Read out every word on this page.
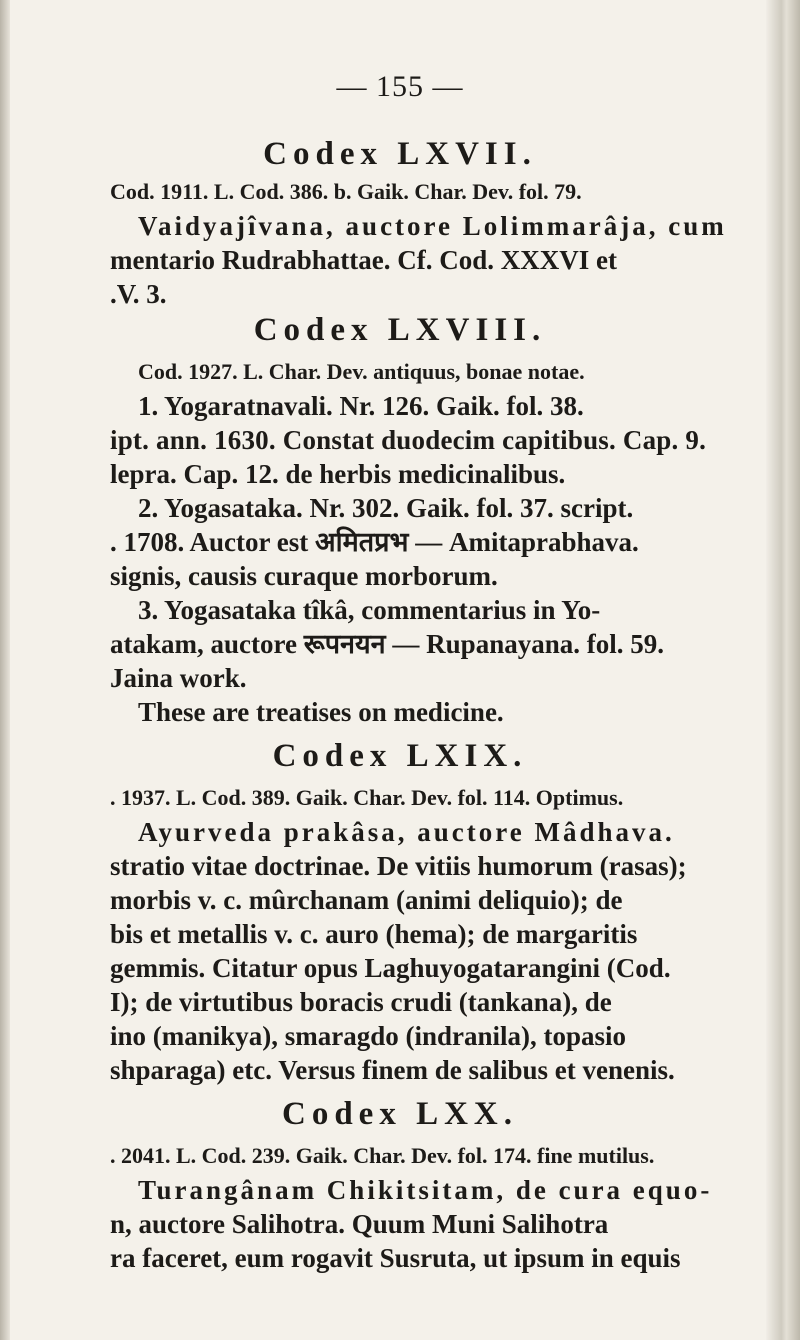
— 155 —
Codex LXVII.
Cod. 1911. L. Cod. 386. b. Gaik. Char. Dev. fol. 79.
Vaidyajîvana, auctore Lolimmarâja, cum
mentario Rudrabhattae. Cf. Cod. XXXVI et
.V. 3.
Codex LXVIII.
Cod. 1927. L. Char. Dev. antiquus, bonae notae.
1. Yogaratnavali. Nr. 126. Gaik. fol. 38.
ipt. ann. 1630. Constat duodecim capitibus. Cap. 9.
lepra. Cap. 12. de herbis medicinalibus.
2. Yogasataka. Nr. 302. Gaik. fol. 37. script.
. 1708. Auctor est अमितप्रभ — Amitaprabhava.
signis, causis curaque morborum.
3. Yogasataka tîkâ, commentarius in Yo-
atakam, auctore रूपनयन — Rupanayana. fol. 59.
Jaina work.
These are treatises on medicine.
Codex LXIX.
. 1937. L. Cod. 389. Gaik. Char. Dev. fol. 114. Optimus.
Ayurveda prakâsa, auctore Mâdhava.
stratio vitae doctrinae. De vitiis humorum (rasas);
morbis v. c. mûrchanam (animi deliquio); de
bis et metallis v. c. auro (hema); de margaritis
gemmis. Citatur opus Laghuyogatarangini (Cod.
I); de virtutibus boracis crudi (tankana), de
ino (manikya), smaragdo (indranila), topasio
shparaga) etc. Versus finem de salibus et venenis.
Codex LXX.
. 2041. L. Cod. 239. Gaik. Char. Dev. fol. 174. fine mutilus.
Turangânam Chikitsitam, de cura equo-
n, auctore Salihotra. Quum Muni Salihotra
ra faceret, eum rogavit Susruta, ut ipsum in equis
